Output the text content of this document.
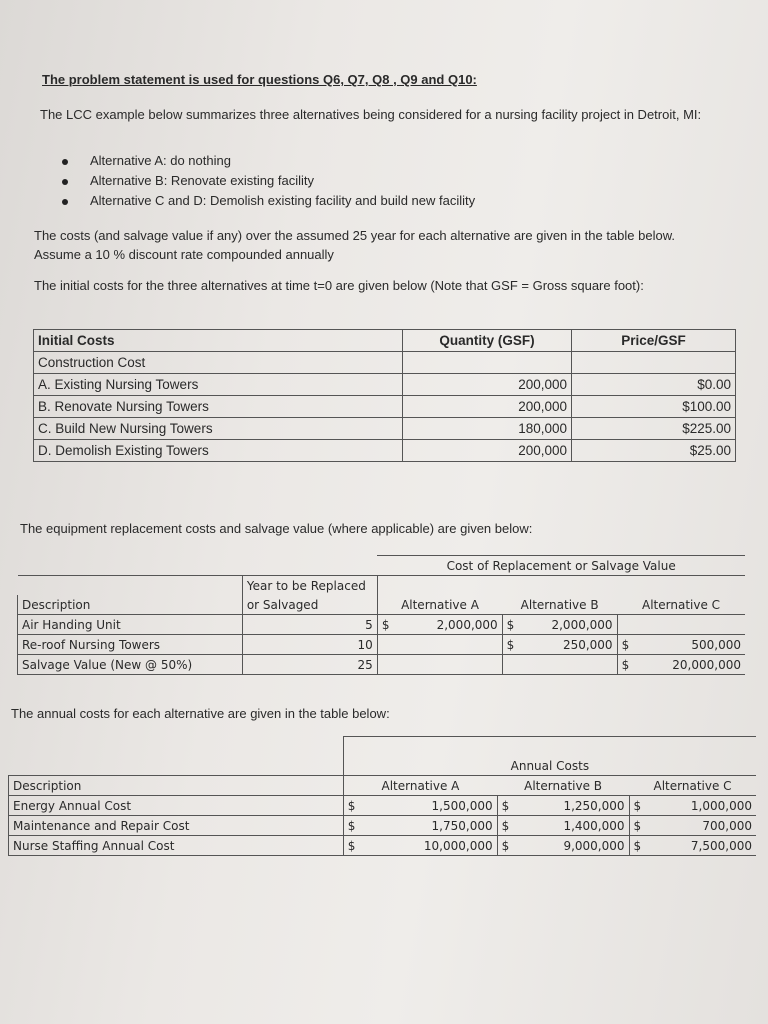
The problem statement is used for questions Q6, Q7, Q8 , Q9 and Q10:
The LCC example below summarizes three alternatives being considered for a nursing facility project in Detroit, MI:
Alternative A: do nothing
Alternative B: Renovate existing facility
Alternative C and D: Demolish existing facility and build new facility
The costs (and salvage value if any) over the assumed 25 year for each alternative are given in the table below. Assume a 10 % discount rate compounded annually
The initial costs for the three alternatives at time t=0 are given below (Note that GSF = Gross square foot):
Initial Costs	Quantity (GSF)	Price/GSF
Construction Cost		
A. Existing Nursing Towers	200,000	$0.00
B. Renovate Nursing Towers	200,000	$100.00
C. Build New Nursing Towers	180,000	$225.00
D. Demolish Existing Towers	200,000	$25.00
The equipment replacement costs and salvage value (where applicable) are given below:
		Cost of Replacement or Salvage Value					
	Year to be Replaced						
Description	or Salvaged	Alternative A		Alternative B		Alternative C	
Air Handing Unit	5	$	2,000,000	$	2,000,000		
Re-roof Nursing Towers	10			$	250,000	$	500,000
Salvage Value (New @ 50%)	25					$	20,000,000
The annual costs for each alternative are given in the table below:

	Annual Costs					
Description	Alternative A		Alternative B		Alternative C	
Energy Annual Cost	$	1,500,000	$	1,250,000	$	1,000,000
Maintenance and Repair Cost	$	1,750,000	$	1,400,000	$	700,000
Nurse Staffing Annual Cost	$	10,000,000	$	9,000,000	$	7,500,000
